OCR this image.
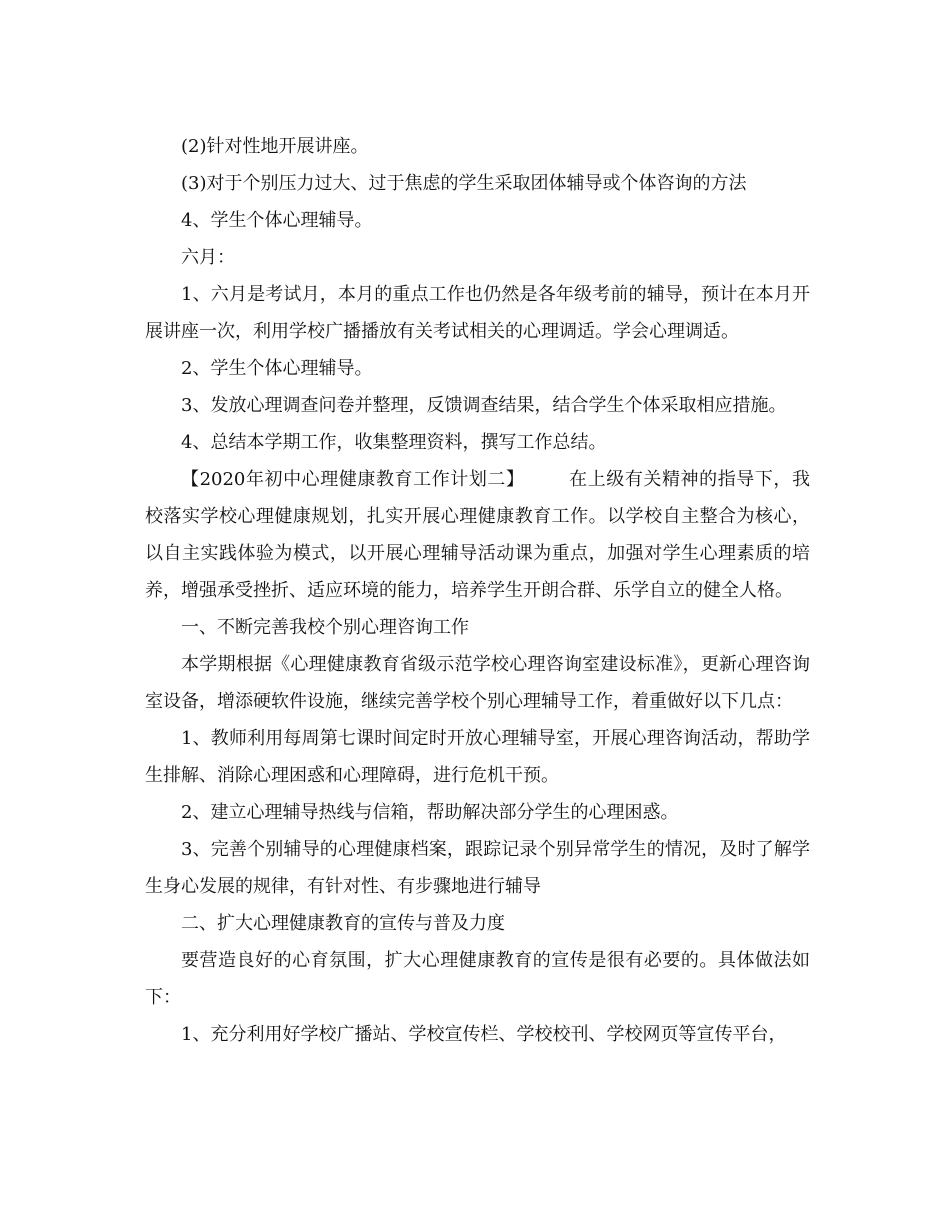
(2)针对性地开展讲座。

(3)对于个别压力过大、过于焦虑的学生采取团体辅导或个体咨询的方法

4、学生个体心理辅导。

六月：

1、六月是考试月，本月的重点工作也仍然是各年级考前的辅导，预计在本月开展讲座一次，利用学校广播播放有关考试相关的心理调适。学会心理调适。

2、学生个体心理辅导。

3、发放心理调查问卷并整理，反馈调查结果，结合学生个体采取相应措施。

4、总结本学期工作，收集整理资料，撰写工作总结。

【2020年初中心理健康教育工作计划二】 在上级有关精神的指导下，我校落实学校心理健康规划，扎实开展心理健康教育工作。以学校自主整合为核心，以自主实践体验为模式，以开展心理辅导活动课为重点，加强对学生心理素质的培养，增强承受挫折、适应环境的能力，培养学生开朗合群、乐学自立的健全人格。

一、不断完善我校个别心理咨询工作

本学期根据《心理健康教育省级示范学校心理咨询室建设标准》，更新心理咨询室设备，增添硬软件设施，继续完善学校个别心理辅导工作，着重做好以下几点：

1、教师利用每周第七课时间定时开放心理辅导室，开展心理咨询活动，帮助学生排解、消除心理困惑和心理障碍，进行危机干预。

2、建立心理辅导热线与信箱，帮助解决部分学生的心理困惑。

3、完善个别辅导的心理健康档案，跟踪记录个别异常学生的情况，及时了解学生身心发展的规律，有针对性、有步骤地进行辅导

二、扩大心理健康教育的宣传与普及力度

要营造良好的心育氛围，扩大心理健康教育的宣传是很有必要的。具体做法如下：

1、充分利用好学校广播站、学校宣传栏、学校校刊、学校网页等宣传平台，
